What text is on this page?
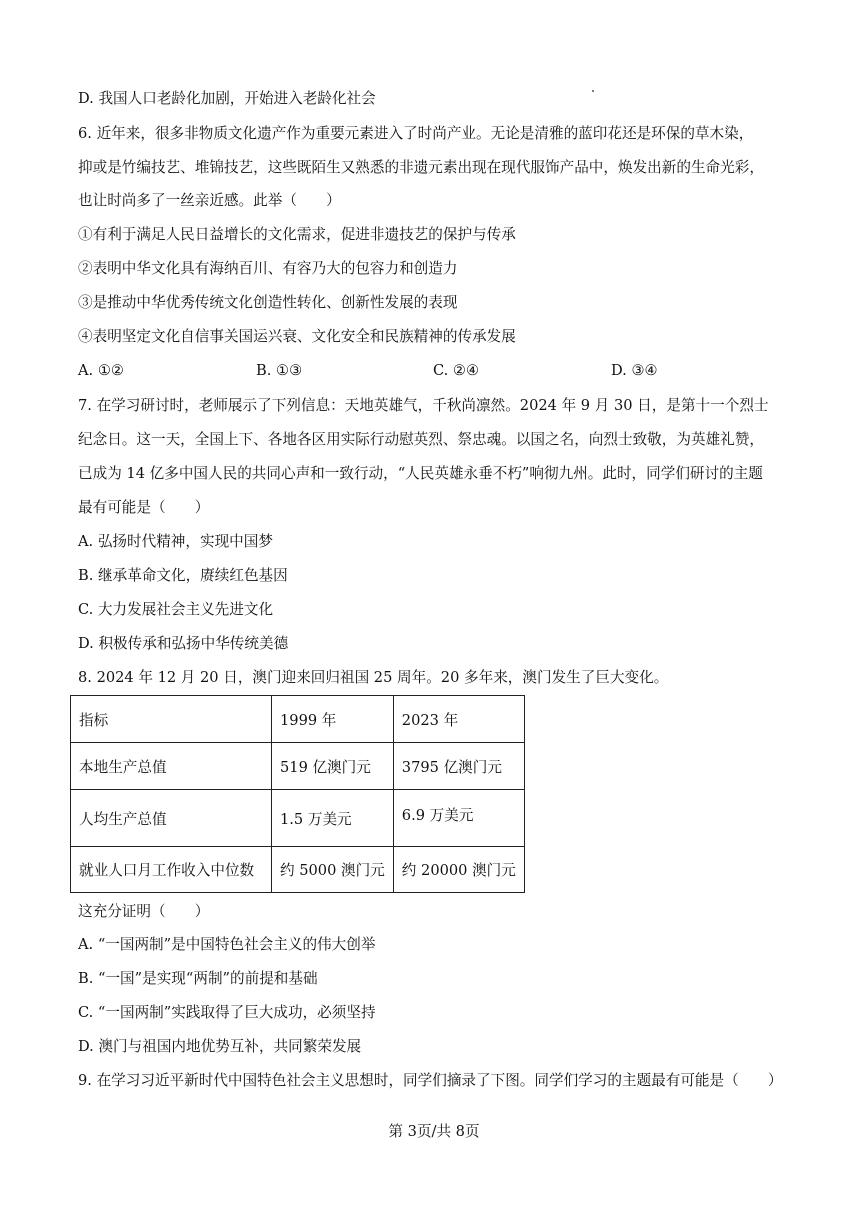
D. 我国人口老龄化加剧，开始进入老龄化社会
6. 近年来，很多非物质文化遗产作为重要元素进入了时尚产业。无论是清雅的蓝印花还是环保的草木染，
抑或是竹编技艺、堆锦技艺，这些既陌生又熟悉的非遗元素出现在现代服饰产品中，焕发出新的生命光彩，
也让时尚多了一丝亲近感。此举（　　）
①有利于满足人民日益增长的文化需求，促进非遗技艺的保护与传承
②表明中华文化具有海纳百川、有容乃大的包容力和创造力
③是推动中华优秀传统文化创造性转化、创新性发展的表现
④表明坚定文化自信事关国运兴衰、文化安全和民族精神的传承发展
A. ①②	B. ①③	C. ②④	D. ③④
7. 在学习研讨时，老师展示了下列信息：天地英雄气，千秋尚凛然。2024 年 9 月 30 日，是第十一个烈士
纪念日。这一天，全国上下、各地各区用实际行动慰英烈、祭忠魂。以国之名，向烈士致敬，为英雄礼赞，
已成为 14 亿多中国人民的共同心声和一致行动，“人民英雄永垂不朽”响彻九州。此时，同学们研讨的主题
最有可能是（　　）
A. 弘扬时代精神，实现中国梦
B. 继承革命文化，赓续红色基因
C. 大力发展社会主义先进文化
D. 积极传承和弘扬中华传统美德
8. 2024 年 12 月 20 日，澳门迎来回归祖国 25 周年。20 多年来，澳门发生了巨大变化。
指标	1999 年	2023 年
本地生产总值	519 亿澳门元	3795 亿澳门元
人均生产总值	1.5 万美元	6.9 万美元
就业人口月工作收入中位数	约 5000 澳门元	约 20000 澳门元
这充分证明（　　）
A. “一国两制”是中国特色社会主义的伟大创举
B. “一国”是实现“两制”的前提和基础
C. “一国两制”实践取得了巨大成功，必须坚持
D. 澳门与祖国内地优势互补，共同繁荣发展
9. 在学习习近平新时代中国特色社会主义思想时，同学们摘录了下图。同学们学习的主题最有可能是（　　）
第 3页/共 8页
